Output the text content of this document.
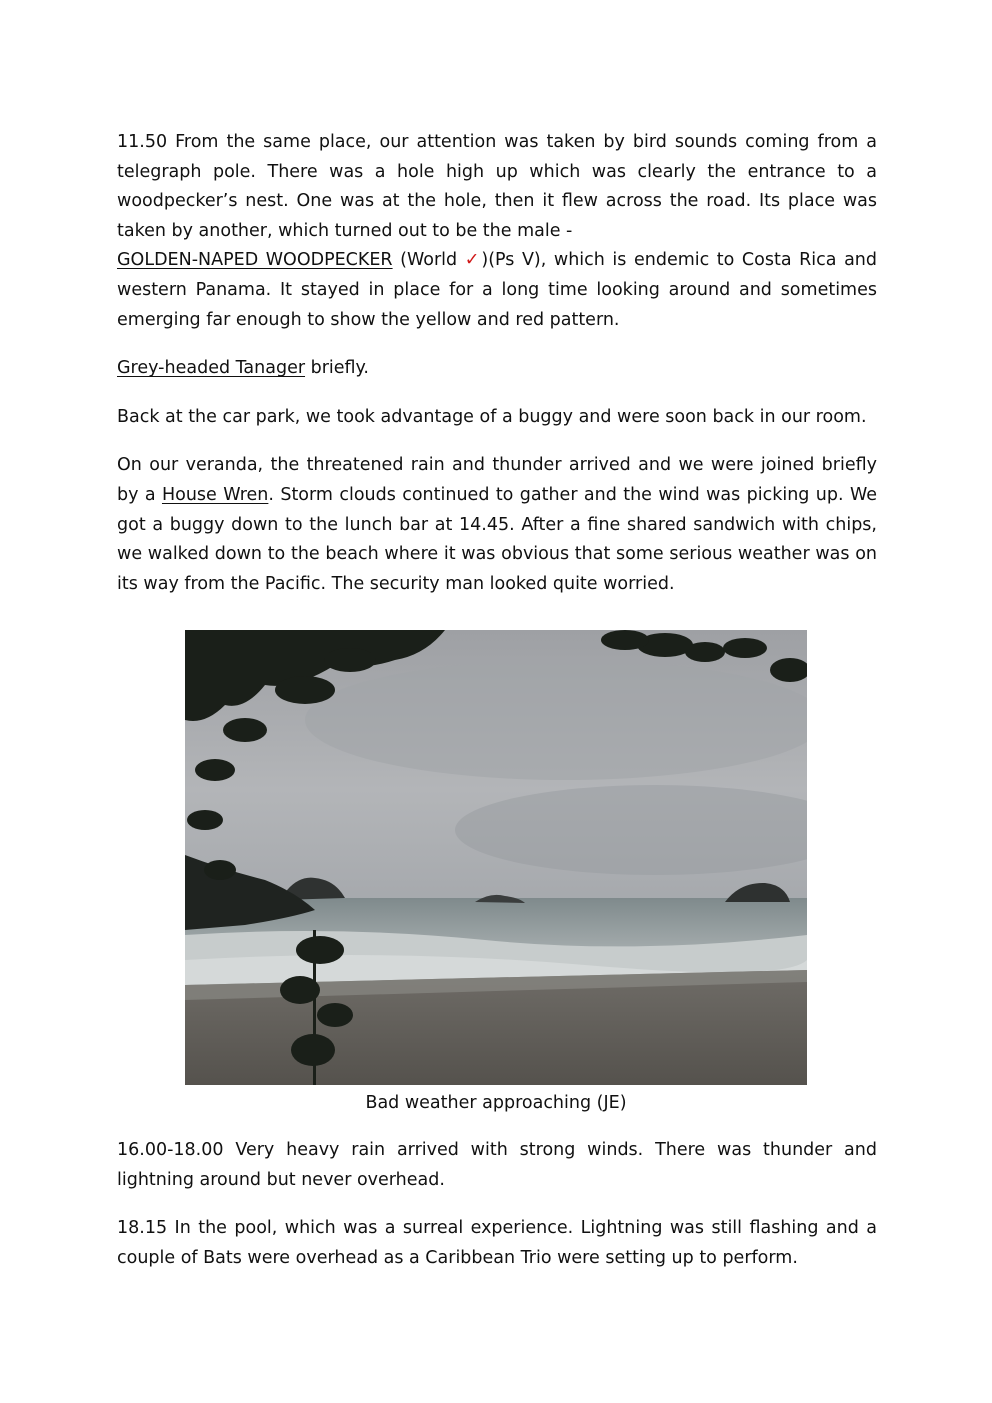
11.50 From the same place, our attention was taken by bird sounds coming from a telegraph pole. There was a hole high up which was clearly the entrance to a woodpecker’s nest. One was at the hole, then it flew across the road. Its place was taken by another, which turned out to be the male -
GOLDEN-NAPED WOODPECKER (World ✓)(Ps V), which is endemic to Costa Rica and western Panama. It stayed in place for a long time looking around and sometimes emerging far enough to show the yellow and red pattern.

Grey-headed Tanager briefly.

Back at the car park, we took advantage of a buggy and were soon back in our room.

On our veranda, the threatened rain and thunder arrived and we were joined briefly by a House Wren. Storm clouds continued to gather and the wind was picking up. We got a buggy down to the lunch bar at 14.45. After a fine shared sandwich with chips, we walked down to the beach where it was obvious that some serious weather was on its way from the Pacific. The security man looked quite worried.

Bad weather approaching (JE)

16.00-18.00 Very heavy rain arrived with strong winds. There was thunder and lightning around but never overhead.

18.15 In the pool, which was a surreal experience. Lightning was still flashing and a couple of Bats were overhead as a Caribbean Trio were setting up to perform.
